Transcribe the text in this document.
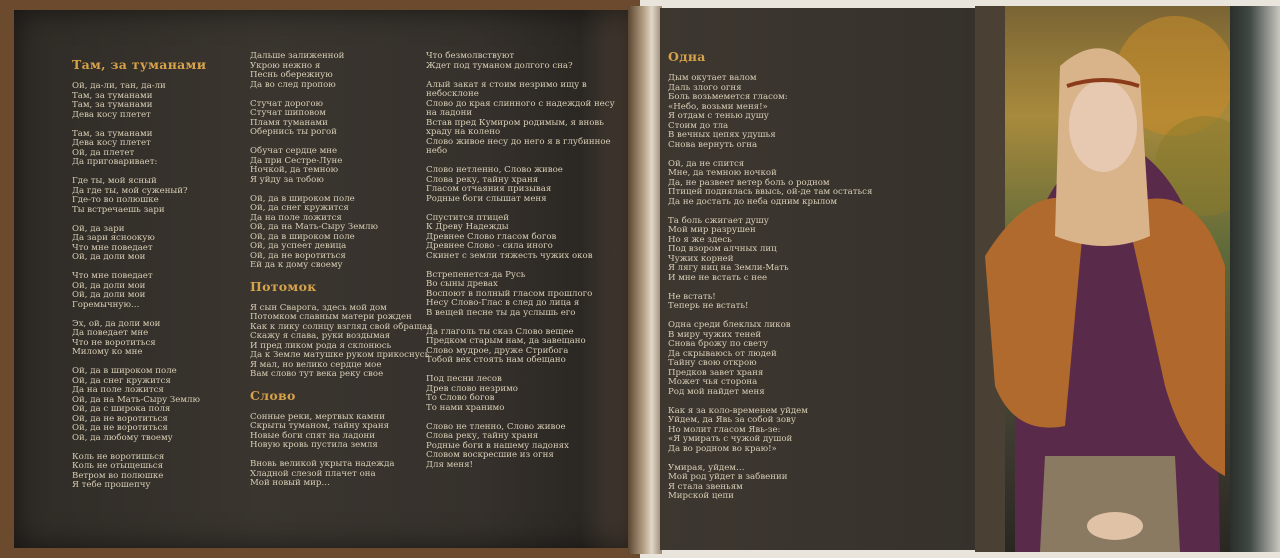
Там, за туманами
Ой, да-ли, тан, да-ли
Там, за туманами
Там, за туманами
Дева косу плетет
Там, за туманами
Дева косу плетет
Ой, да плетет
Да приговаривает:
Где ты, мой ясный
Да где ты, мой суженый?
Где-то во полюшке
Ты встречаешь зари
Ой, да зари
Да зари ясноокую
Что мне поведает
Ой, да доли мои
Что мне поведает
Ой, да доли мои
Ой, да доли мои
Горемычную…
Эх, ой, да доли мои
Да поведает мне
Что не воротиться
Милому ко мне
Ой, да в широком поле
Ой, да снег кружится
Да на поле ложится
Ой, да на Мать-Сыру Землю
Ой, да с широка поля
Ой, да не воротиться
Ой, да не воротиться
Ой, да любому твоему
Коль не воротишься
Коль не отыщешься
Ветром во полюшке
Я тебе прошепчу
Дальше залиженной
Укрою нежно я
Песнь обережную
Да во след пропою
Стучат дорогою
Стучат шиповом
Пламя туманами
Обернись ты рогой
Обучат сердце мне
Да при Сестре-Луне
Ночкой, да темною
Я уйду за тобою
Ой, да в широком поле
Ой, да снег кружится
Да на поле ложится
Ой, да на Мать-Сыру Землю
Ой, да в широком поле
Ой, да успеет девица
Ой, да не воротиться
Ей да к дому своему
Потомок
Я сын Сварога, здесь мой дом
Потомком славным матери рожден
Как к лику солнцу взгляд свой обращая
Скажу я слава, руки воздымая
И пред ликом рода я склонюсь
Да к Земле матушке руком прикоснусь
Я мал, но велико сердце мое
Вам слово тут века реку свое
Слово
Сонные реки, мертвых камни
Скрыты туманом, тайну храня
Новые боги спят на ладони
Новую кровь пустила земля
Вновь великой укрыта надежда
Хладной слезой плачет она
Мой новый мир…
Что безмолвствуют
Ждет под туманом долгого сна?
Алый закат я стоим незримо ищу в
небосклоне
Слово до края слинного с надеждой несу
на ладони
Встав пред Кумиром родимым, я вновь
храду на колено
Слово живое несу до него я в глубинное
небо
Слово нетленно, Слово живое
Слова реку, тайну храня
Гласом отчаяния призывая
Родные боги слышат меня
Спустится птицей
К Древу Надежды
Древнее Слово гласом богов
Древнее Слово - сила иного
Скинет с земли тяжесть чужих оков
Встрепенется-да Русь
Во сыны древах
Воспоют в полный гласом прошлого
Несу Слово-Глас в след до лица я
В вещей песне ты да услышь его
Да глаголь ты сказ Слово вещее
Предком старым нам, да завещано
Слово мудрое, друже Стрибога
Тобой век стоять нам обещано
Под песни лесов
Древ слово незримо
То Слово богов
То нами хранимо
Слово не тленно, Слово живое
Слова реку, тайну храня
Родные боги в нашему ладонях
Словом воскресшие из огня
Для меня!
Одна
Дым окутает валом
Даль злого огня
Боль возьмемется гласом:
«Небо, возьми меня!»
Я отдам с тенью душу
Стоим до тла
В вечных цепях удушья
Снова вернуть огна
Ой, да не спится
Мне, да темною ночкой
Да, не развеет ветер боль о родном
Птицей поднялась ввысь, ой-де там остаться
Да не достать до неба одним крылом
Та боль сжигает душу
Мой мир разрушен
Но я же здесь
Под взором алчных лиц
Чужих корней
Я лягу ниц на Земли-Мать
И мне не встать с нее
Не встать!
Теперь не встать!
Одна среди блеклых ликов
В миру чужих теней
Снова брожу по свету
Да скрываюсь от людей
Тайну свою открою
Предков завет храня
Может чья сторона
Род мой найдет меня
Как я за коло-временем уйдем
Уйдем, да Явь за собой зову
Но молит гласом Явь-зе:
«Я умирать с чужой душой
Да во родном во краю!»
Умирая, уйдем…
Мой род уйдет в забвении
Я стала звеньям
Мирской цепи
